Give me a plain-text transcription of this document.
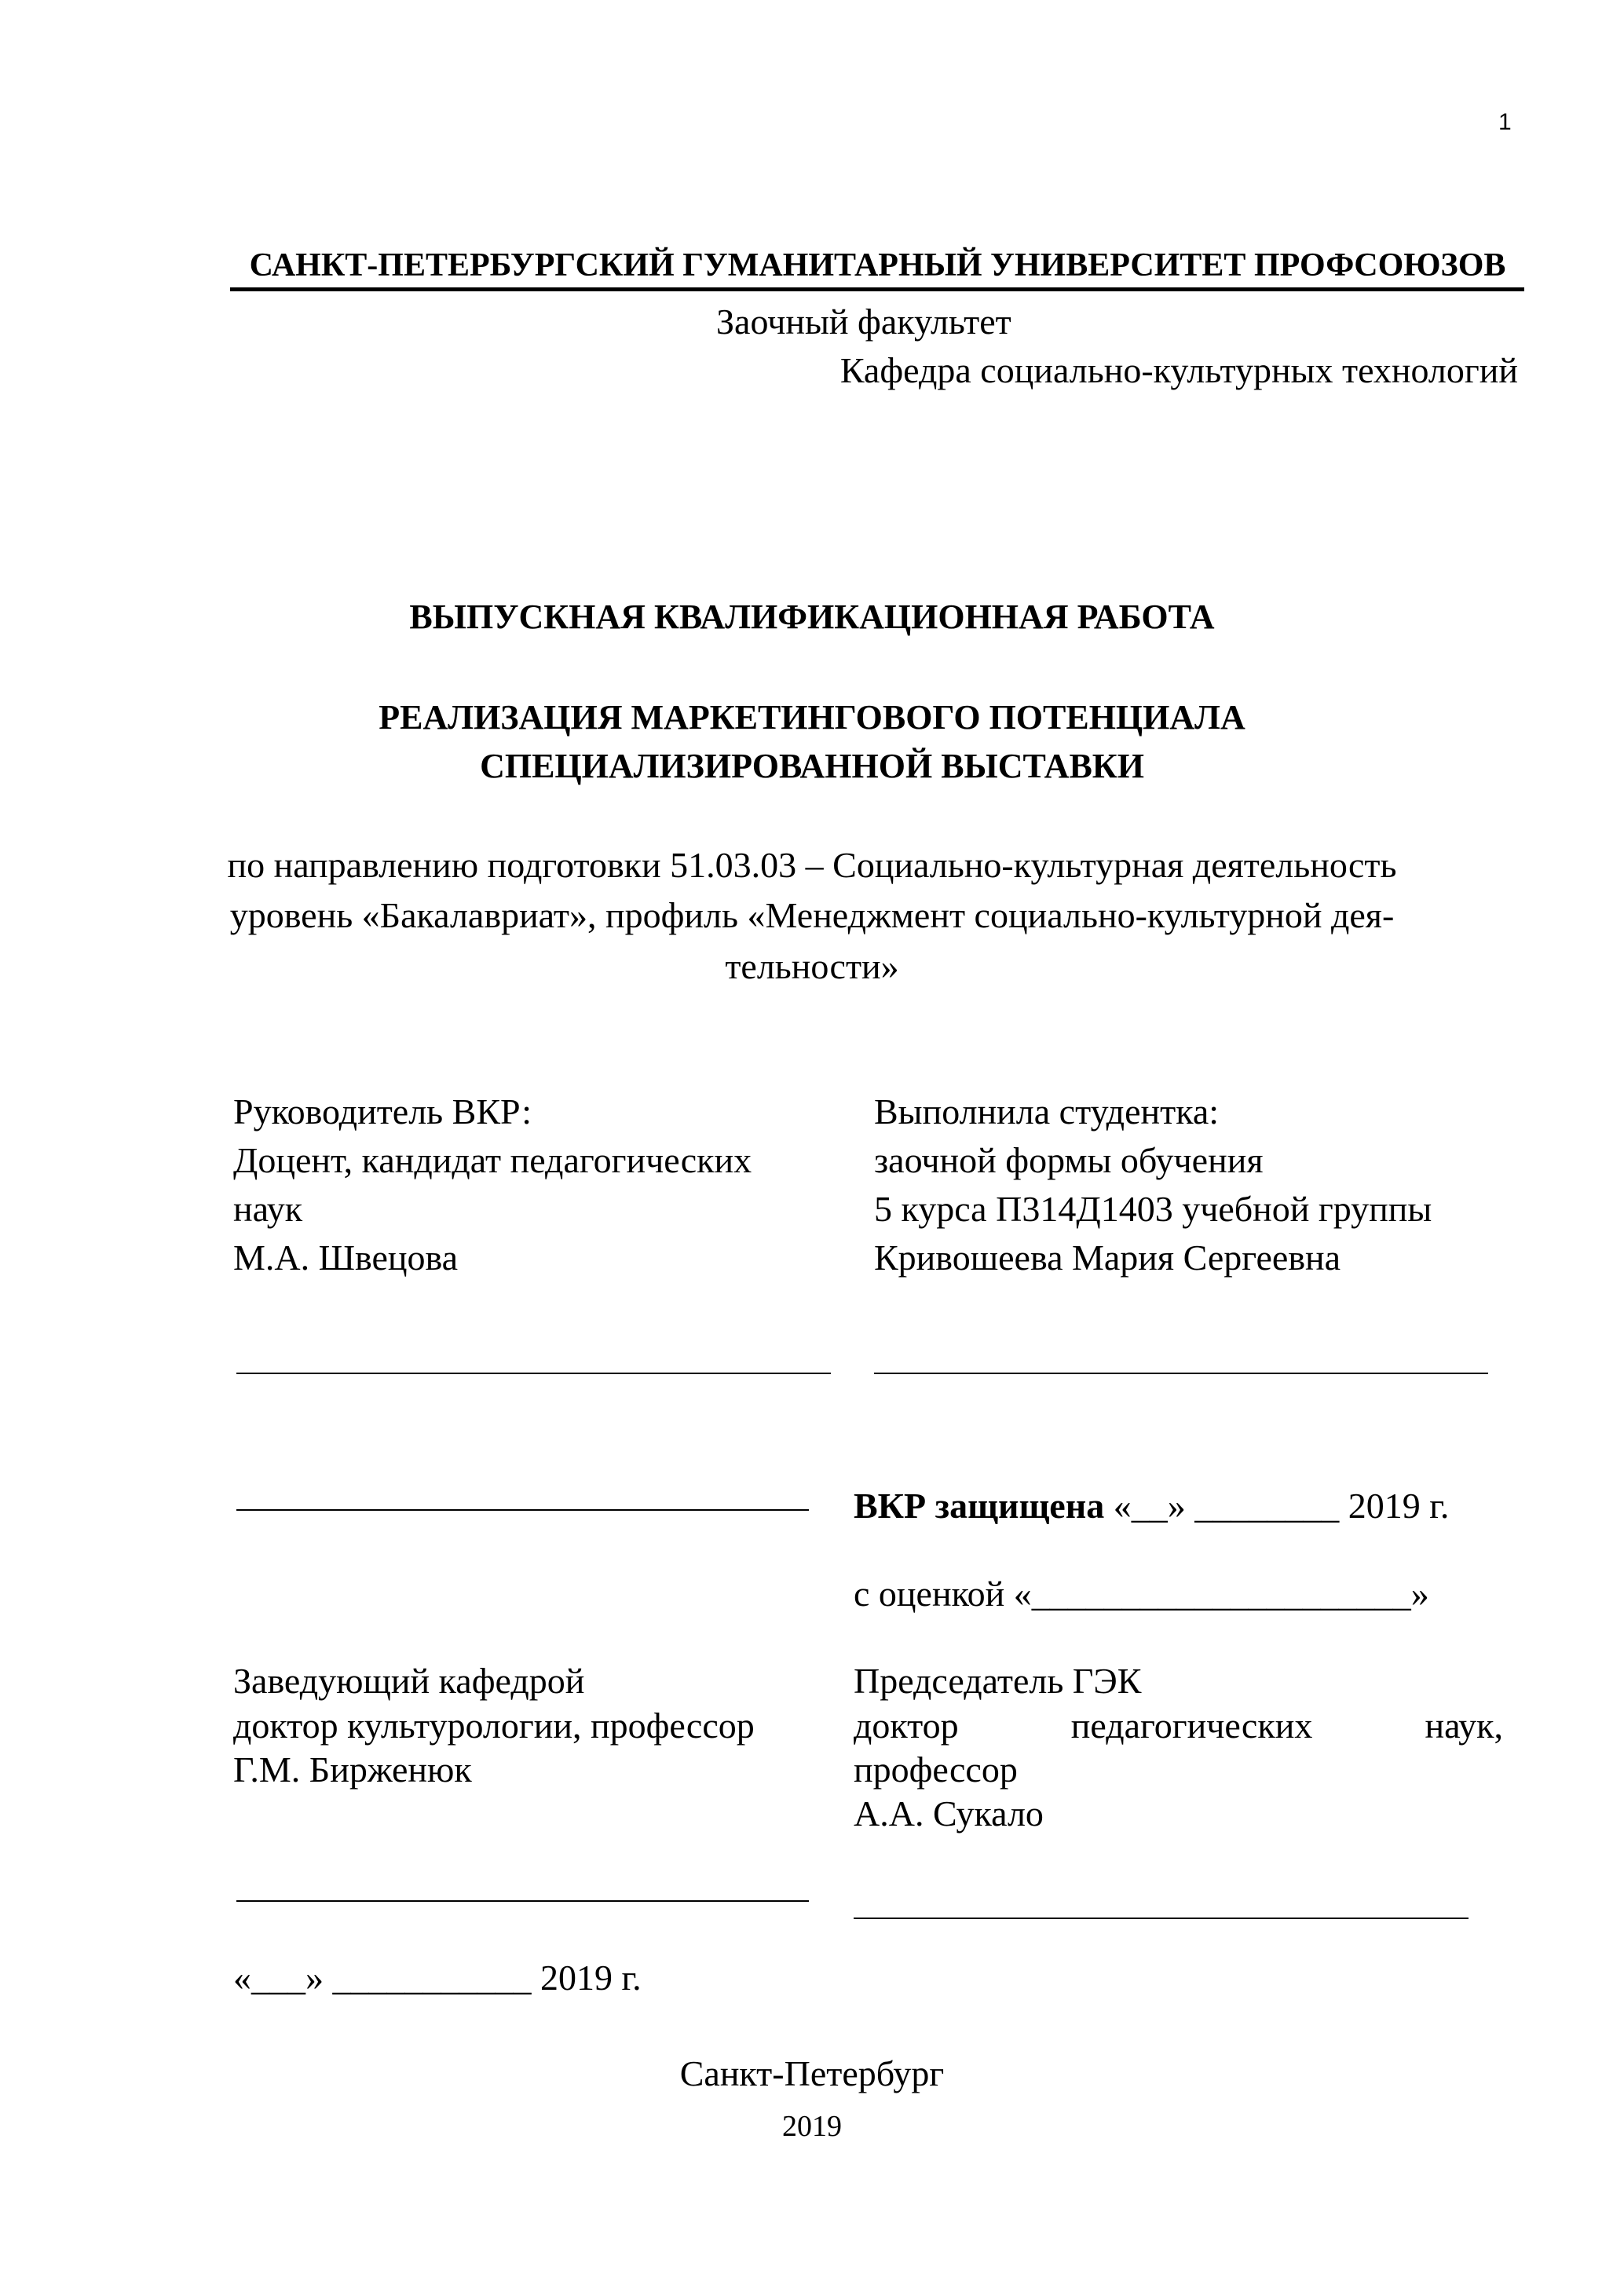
1
САНКТ-ПЕТЕРБУРГСКИЙ ГУМАНИТАРНЫЙ УНИВЕРСИТЕТ ПРОФСОЮЗОВ
Заочный факультет
Кафедра социально-культурных технологий
ВЫПУСКНАЯ КВАЛИФИКАЦИОННАЯ РАБОТА
РЕАЛИЗАЦИЯ МАРКЕТИНГОВОГО ПОТЕНЦИАЛА
СПЕЦИАЛИЗИРОВАННОЙ ВЫСТАВКИ
по направлению подготовки 51.03.03 – Социально-культурная деятельность
уровень «Бакалавриат», профиль «Менеджмент социально-культурной дея-
тельности»
Руководитель ВКР:
Доцент, кандидат педагогических
наук
М.А. Швецова
Выполнила студентка:
заочной формы обучения
5 курса П314Д1403 учебной группы
Кривошеева Мария Сергеевна
ВКР защищена «__» ________ 2019 г.
с оценкой «_____________________»
Заведующий кафедрой
доктор культурологии, профессор
Г.М. Бирженюк
Председатель ГЭК
доктор	педагогических	наук,
профессор
А.А. Сукало
«___» ___________ 2019 г.
Санкт-Петербург
2019
